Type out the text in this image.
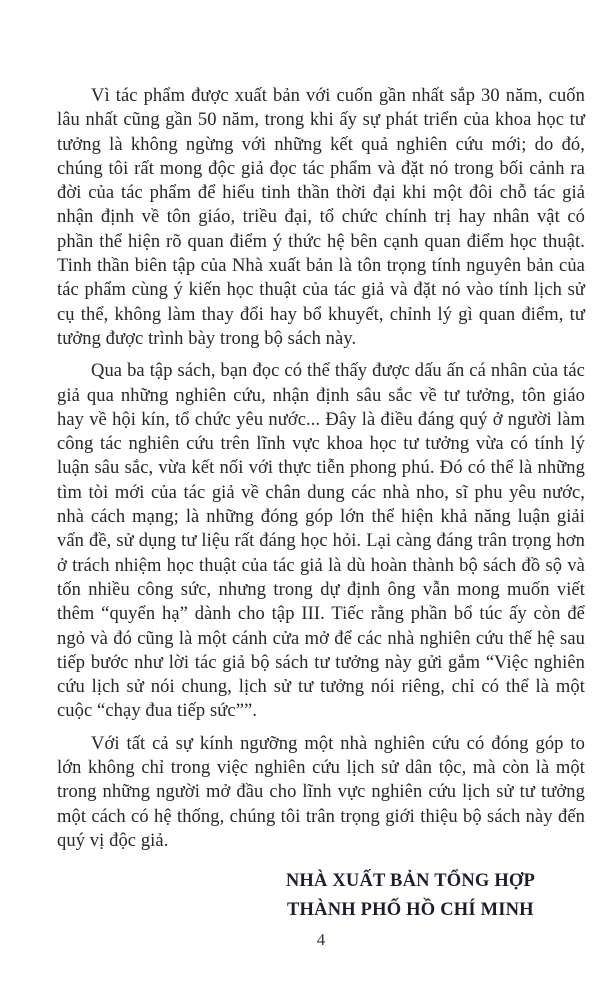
Vì tác phẩm được xuất bản với cuốn gần nhất sắp 30 năm, cuốn lâu nhất cũng gần 50 năm, trong khi ấy sự phát triển của khoa học tư tưởng là không ngừng với những kết quả nghiên cứu mới; do đó, chúng tôi rất mong độc giả đọc tác phẩm và đặt nó trong bối cảnh ra đời của tác phẩm để hiểu tinh thần thời đại khi một đôi chỗ tác giả nhận định về tôn giáo, triều đại, tổ chức chính trị hay nhân vật có phần thể hiện rõ quan điểm ý thức hệ bên cạnh quan điểm học thuật. Tinh thần biên tập của Nhà xuất bản là tôn trọng tính nguyên bản của tác phẩm cùng ý kiến học thuật của tác giả và đặt nó vào tính lịch sử cụ thể, không làm thay đổi hay bổ khuyết, chỉnh lý gì quan điểm, tư tưởng được trình bày trong bộ sách này.

Qua ba tập sách, bạn đọc có thể thấy được dấu ấn cá nhân của tác giả qua những nghiên cứu, nhận định sâu sắc về tư tưởng, tôn giáo hay về hội kín, tổ chức yêu nước... Đây là điều đáng quý ở người làm công tác nghiên cứu trên lĩnh vực khoa học tư tưởng vừa có tính lý luận sâu sắc, vừa kết nối với thực tiễn phong phú. Đó có thể là những tìm tòi mới của tác giả về chân dung các nhà nho, sĩ phu yêu nước, nhà cách mạng; là những đóng góp lớn thể hiện khả năng luận giải vấn đề, sử dụng tư liệu rất đáng học hỏi. Lại càng đáng trân trọng hơn ở trách nhiệm học thuật của tác giả là dù hoàn thành bộ sách đồ sộ và tốn nhiều công sức, nhưng trong dự định ông vẫn mong muốn viết thêm “quyển hạ” dành cho tập III. Tiếc rằng phần bổ túc ấy còn để ngỏ và đó cũng là một cánh cửa mở để các nhà nghiên cứu thế hệ sau tiếp bước như lời tác giả bộ sách tư tưởng này gửi gắm “Việc nghiên cứu lịch sử nói chung, lịch sử tư tưởng nói riêng, chỉ có thể là một cuộc “chạy đua tiếp sức””.

Với tất cả sự kính ngưỡng một nhà nghiên cứu có đóng góp to lớn không chỉ trong việc nghiên cứu lịch sử dân tộc, mà còn là một trong những người mở đầu cho lĩnh vực nghiên cứu lịch sử tư tưởng một cách có hệ thống, chúng tôi trân trọng giới thiệu bộ sách này đến quý vị độc giả.

NHÀ XUẤT BẢN TỔNG HỢP
THÀNH PHỐ HỒ CHÍ MINH
4
